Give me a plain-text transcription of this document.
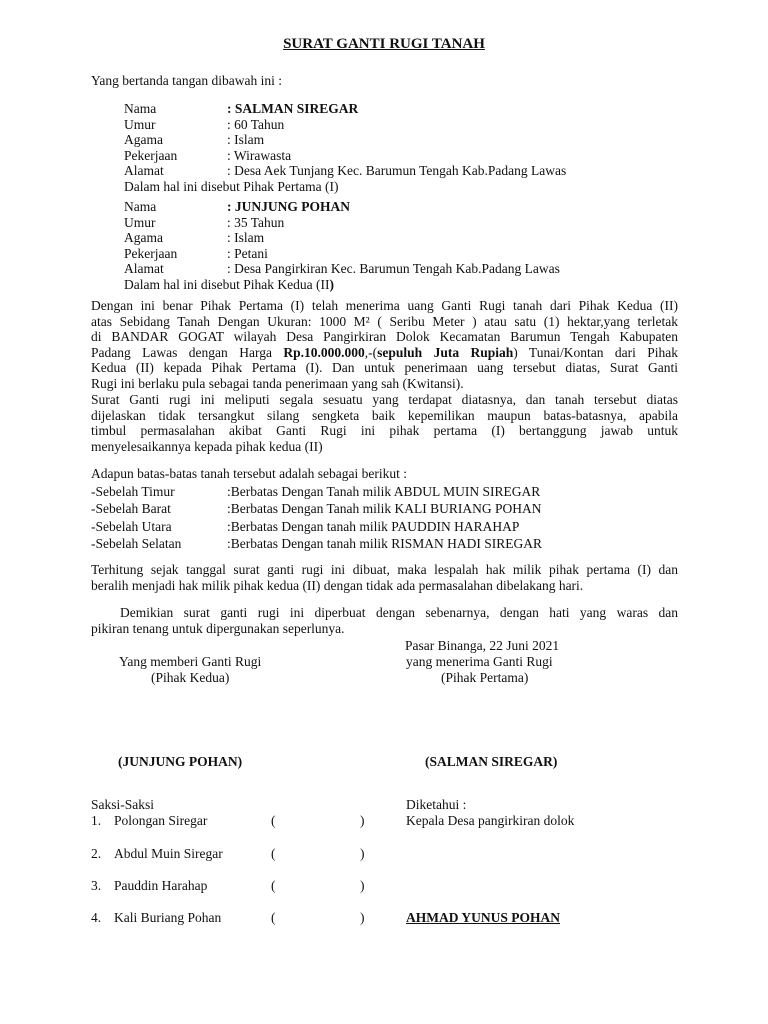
SURAT GANTI RUGI TANAH
Yang bertanda tangan dibawah ini :
Nama	: SALMAN SIREGAR
Umur	: 60 Tahun
Agama	: Islam
Pekerjaan	: Wirawasta
Alamat	: Desa Aek Tunjang Kec. Barumun Tengah Kab.Padang Lawas
Dalam hal ini disebut Pihak Pertama (I)
Nama	: JUNJUNG POHAN
Umur	: 35 Tahun
Agama	: Islam
Pekerjaan	: Petani
Alamat	: Desa Pangirkiran Kec. Barumun Tengah Kab.Padang Lawas
Dalam hal ini disebut Pihak Kedua (II )
Dengan ini benar Pihak Pertama (I) telah menerima uang Ganti Rugi tanah dari Pihak Kedua (II)
atas Sebidang Tanah Dengan Ukuran: 1000 M² ( Seribu Meter ) atau satu (1) hektar,yang terletak
di BANDAR GOGAT wilayah Desa Pangirkiran Dolok Kecamatan Barumun Tengah Kabupaten
Padang Lawas dengan Harga Rp.10.000.000,-(sepuluh Juta Rupiah) Tunai/Kontan dari Pihak
Kedua (II) kepada Pihak Pertama (I). Dan untuk penerimaan uang tersebut diatas, Surat Ganti
Rugi ini berlaku pula sebagai tanda penerimaan yang sah (Kwitansi).
Surat Ganti rugi ini meliputi segala sesuatu yang terdapat diatasnya, dan tanah tersebut diatas
dijelaskan tidak tersangkut silang sengketa baik kepemilikan maupun batas-batasnya, apabila
timbul permasalahan akibat Ganti Rugi ini pihak pertama (I) bertanggung jawab untuk
menyelesaikannya kepada pihak kedua (II)
Adapun batas-batas tanah tersebut adalah sebagai berikut :
-Sebelah Timur	:Berbatas Dengan Tanah milik ABDUL MUIN SIREGAR
-Sebelah Barat	:Berbatas Dengan Tanah milik KALI BURIANG POHAN
-Sebelah Utara	:Berbatas Dengan tanah milik PAUDDIN HARAHAP
-Sebelah Selatan	:Berbatas Dengan tanah milik RISMAN HADI SIREGAR
Terhitung sejak tanggal surat ganti rugi ini dibuat, maka lespalah hak milik pihak pertama (I) dan
beralih menjadi hak milik pihak kedua (II) dengan tidak ada permasalahan dibelakang hari.
Demikian surat ganti rugi ini diperbuat dengan sebenarnya, dengan hati yang waras dan
pikiran tenang untuk dipergunakan seperlunya.
Pasar Binanga, 22 Juni 2021
Yang memberi Ganti Rugi
(Pihak Kedua)
(JUNJUNG POHAN)
yang menerima Ganti Rugi
(Pihak Pertama)
(SALMAN SIREGAR)
Saksi-Saksi
1. Polongan Siregar	(	)
2. Abdul Muin Siregar	(	)
3. Pauddin Harahap	(	)
4. Kali Buriang Pohan	(	)
Diketahui :
Kepala Desa pangirkiran dolok
AHMAD YUNUS POHAN
